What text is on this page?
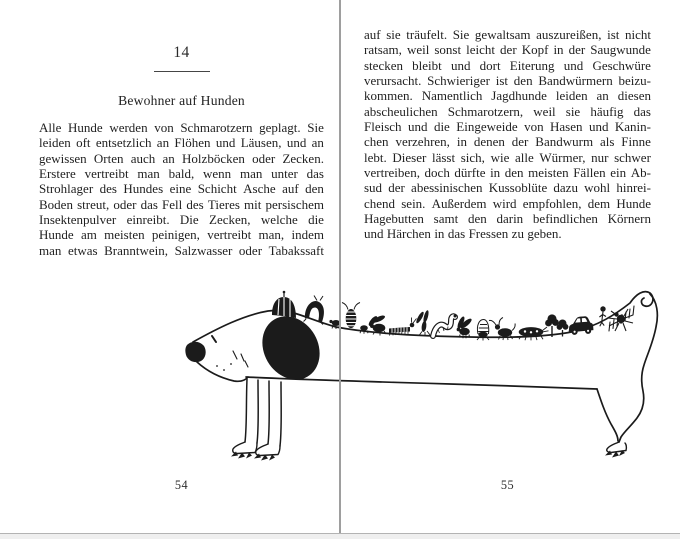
14
Bewohner auf Hunden
Alle Hunde werden von Schmarotzern geplagt. Sie
leiden oft entsetzlich an Flöhen und Läusen, und an
gewissen Orten auch an Holzböcken oder Zecken.
Erstere vertreibt man bald, wenn man unter das
Strohlager des Hundes eine Schicht Asche auf den
Boden streut, oder das Fell des Tieres mit persischem
Insektenpulver einreibt. Die Zecken, welche die
Hunde am meisten peinigen, vertreibt man, indem
man etwas Branntwein, Salzwasser oder Tabakssaft
54
auf sie träufelt. Sie gewaltsam auszureißen, ist nicht
ratsam, weil sonst leicht der Kopf in der Saugwunde
stecken bleibt und dort Eiterung und Geschwüre
verursacht. Schwieriger ist den Bandwürmern beizu-
kommen. Namentlich Jagdhunde leiden an diesen
abscheulichen Schmarotzern, weil sie häufig das
Fleisch und die Eingeweide von Hasen und Kanin-
chen verzehren, in denen der Bandwurm als Finne
lebt. Dieser lässt sich, wie alle Würmer, nur schwer
vertreiben, doch dürfte in den meisten Fällen ein Ab-
sud der abessinischen Kussoblüte dazu wohl hinrei-
chend sein. Außerdem wird empfohlen, dem Hunde
Hagebutten samt den darin befindlichen Körnern
und Härchen in das Fressen zu geben.
55
